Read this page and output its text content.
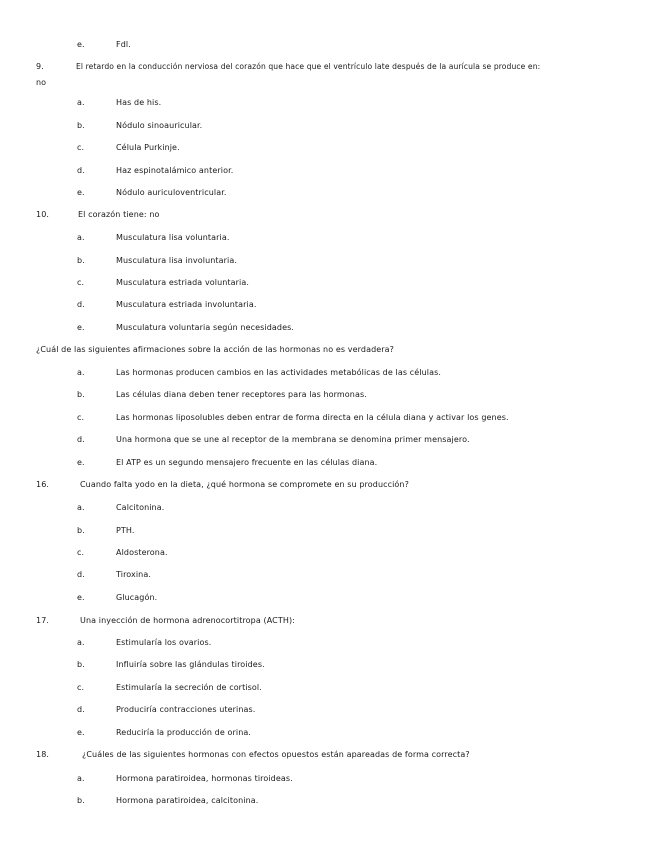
e.	Fdl.
9.	El retardo en la conducción nerviosa del corazón que hace que el ventrículo late después de la aurícula se produce en:
no
a.	Has de his.
b.	Nódulo sinoauricular.
c.	Célula Purkinje.
d.	Haz espinotalámico anterior.
e.	Nódulo auriculoventricular.
10.	El corazón tiene: no
a.	Musculatura lisa voluntaria.
b.	Musculatura lisa involuntaria.
c.	Musculatura estriada voluntaria.
d.	Musculatura estriada involuntaria.
e.	Musculatura voluntaria según necesidades.
¿Cuál de las siguientes afirmaciones sobre la acción de las hormonas no es verdadera?
a.	Las hormonas producen cambios en las actividades metabólicas de las células.
b.	Las células diana deben tener receptores para las hormonas.
c.	Las hormonas liposolubles deben entrar de forma directa en la célula diana y activar los genes.
d.	Una hormona que se une al receptor de la membrana se denomina primer mensajero.
e.	El ATP es un segundo mensajero frecuente en las células diana.
16.	Cuando falta yodo en la dieta, ¿qué hormona se compromete en su producción?
a.	Calcitonina.
b.	PTH.
c.	Aldosterona.
d.	Tiroxina.
e.	Glucagón.
17.	Una inyección de hormona adrenocortitropa (ACTH):
a.	Estimularía los ovarios.
b.	Influiría sobre las glándulas tiroides.
c.	Estimularía la secreción de cortisol.
d.	Produciría contracciones uterinas.
e.	Reduciría la producción de orina.
18.	¿Cuáles de las siguientes hormonas con efectos opuestos están apareadas de forma correcta?
a.	Hormona paratiroidea, hormonas tiroideas.
b.	Hormona paratiroidea, calcitonina.
